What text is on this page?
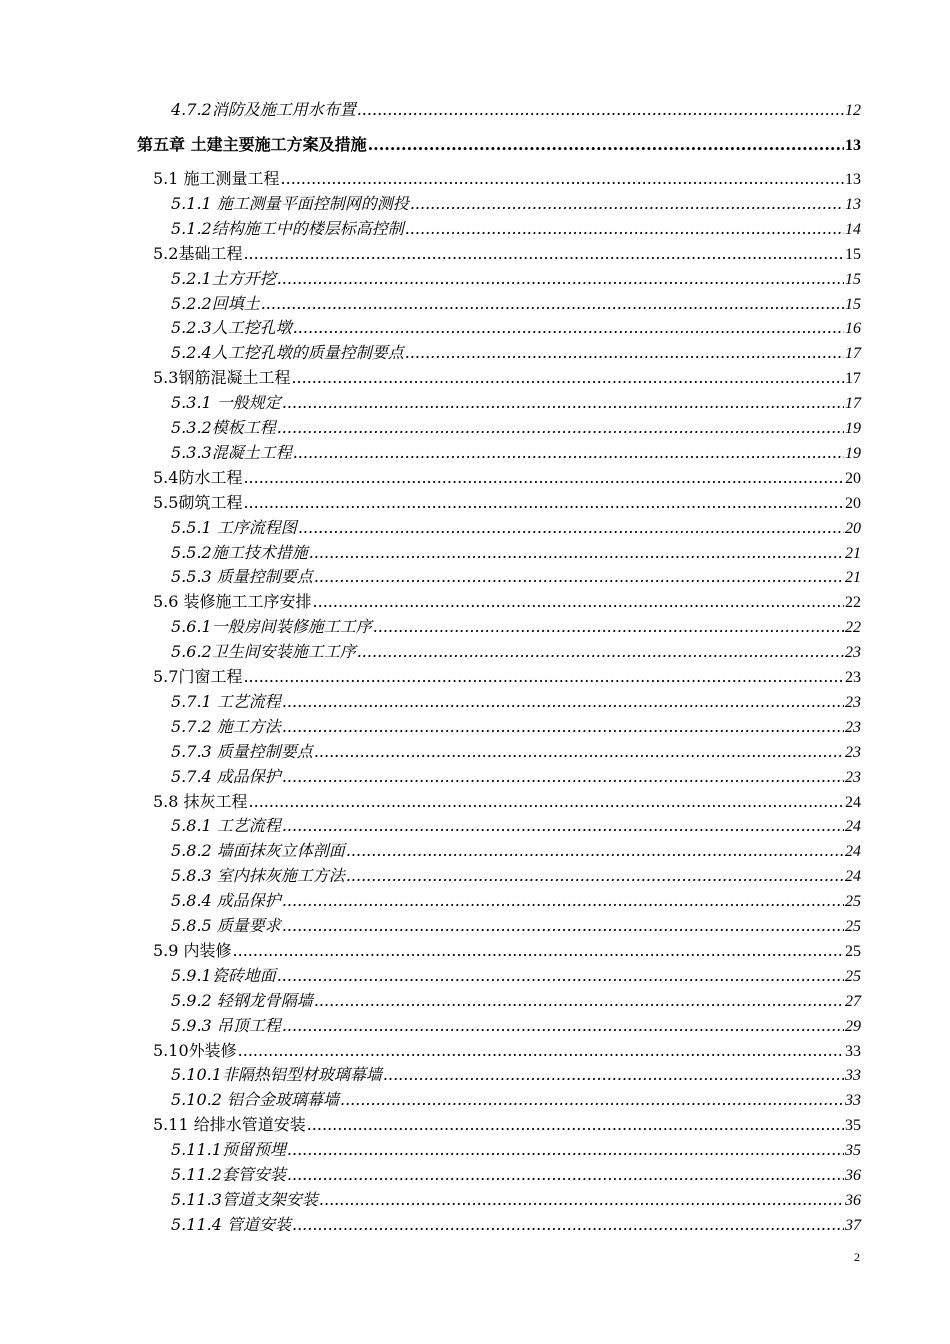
4.7.2消防及施工用水布置 .....	12
第五章 土建主要施工方案及措施 .....	13
5.1 施工测量工程 .....	13
5.1.1 施工测量平面控制网的测投 .....	13
5.1.2结构施工中的楼层标高控制 .....	14
5.2基础工程 .....	15
5.2.1土方开挖 .....	15
5.2.2回填土 .....	15
5.2.3人工挖孔墩 .....	16
5.2.4人工挖孔墩的质量控制要点 .....	17
5.3钢筋混凝土工程 .....	17
5.3.1 一般规定 .....	17
5.3.2模板工程 .....	19
5.3.3混凝土工程 .....	19
5.4防水工程 .....	20
5.5砌筑工程 .....	20
5.5.1 工序流程图 .....	20
5.5.2施工技术措施 .....	21
5.5.3 质量控制要点 .....	21
5.6 装修施工工序安排 .....	22
5.6.1一般房间装修施工工序 .....	22
5.6.2卫生间安装施工工序 .....	23
5.7门窗工程 .....	23
5.7.1 工艺流程 .....	23
5.7.2 施工方法 .....	23
5.7.3 质量控制要点 .....	23
5.7.4 成品保护 .....	23
5.8 抹灰工程 .....	24
5.8.1 工艺流程 .....	24
5.8.2 墙面抹灰立体剖面 .....	24
5.8.3 室内抹灰施工方法 .....	24
5.8.4 成品保护 .....	25
5.8.5 质量要求 .....	25
5.9 内装修 .....	25
5.9.1瓷砖地面 .....	25
5.9.2 轻钢龙骨隔墙 .....	27
5.9.3 吊顶工程 .....	29
5.10外装修 .....	33
5.10.1非隔热铝型材玻璃幕墙 .....	33
5.10.2 铝合金玻璃幕墙 .....	33
5.11 给排水管道安装 .....	35
5.11.1预留预埋 .....	35
5.11.2套管安装 .....	36
5.11.3管道支架安装 .....	36
5.11.4 管道安装 .....	37
2
